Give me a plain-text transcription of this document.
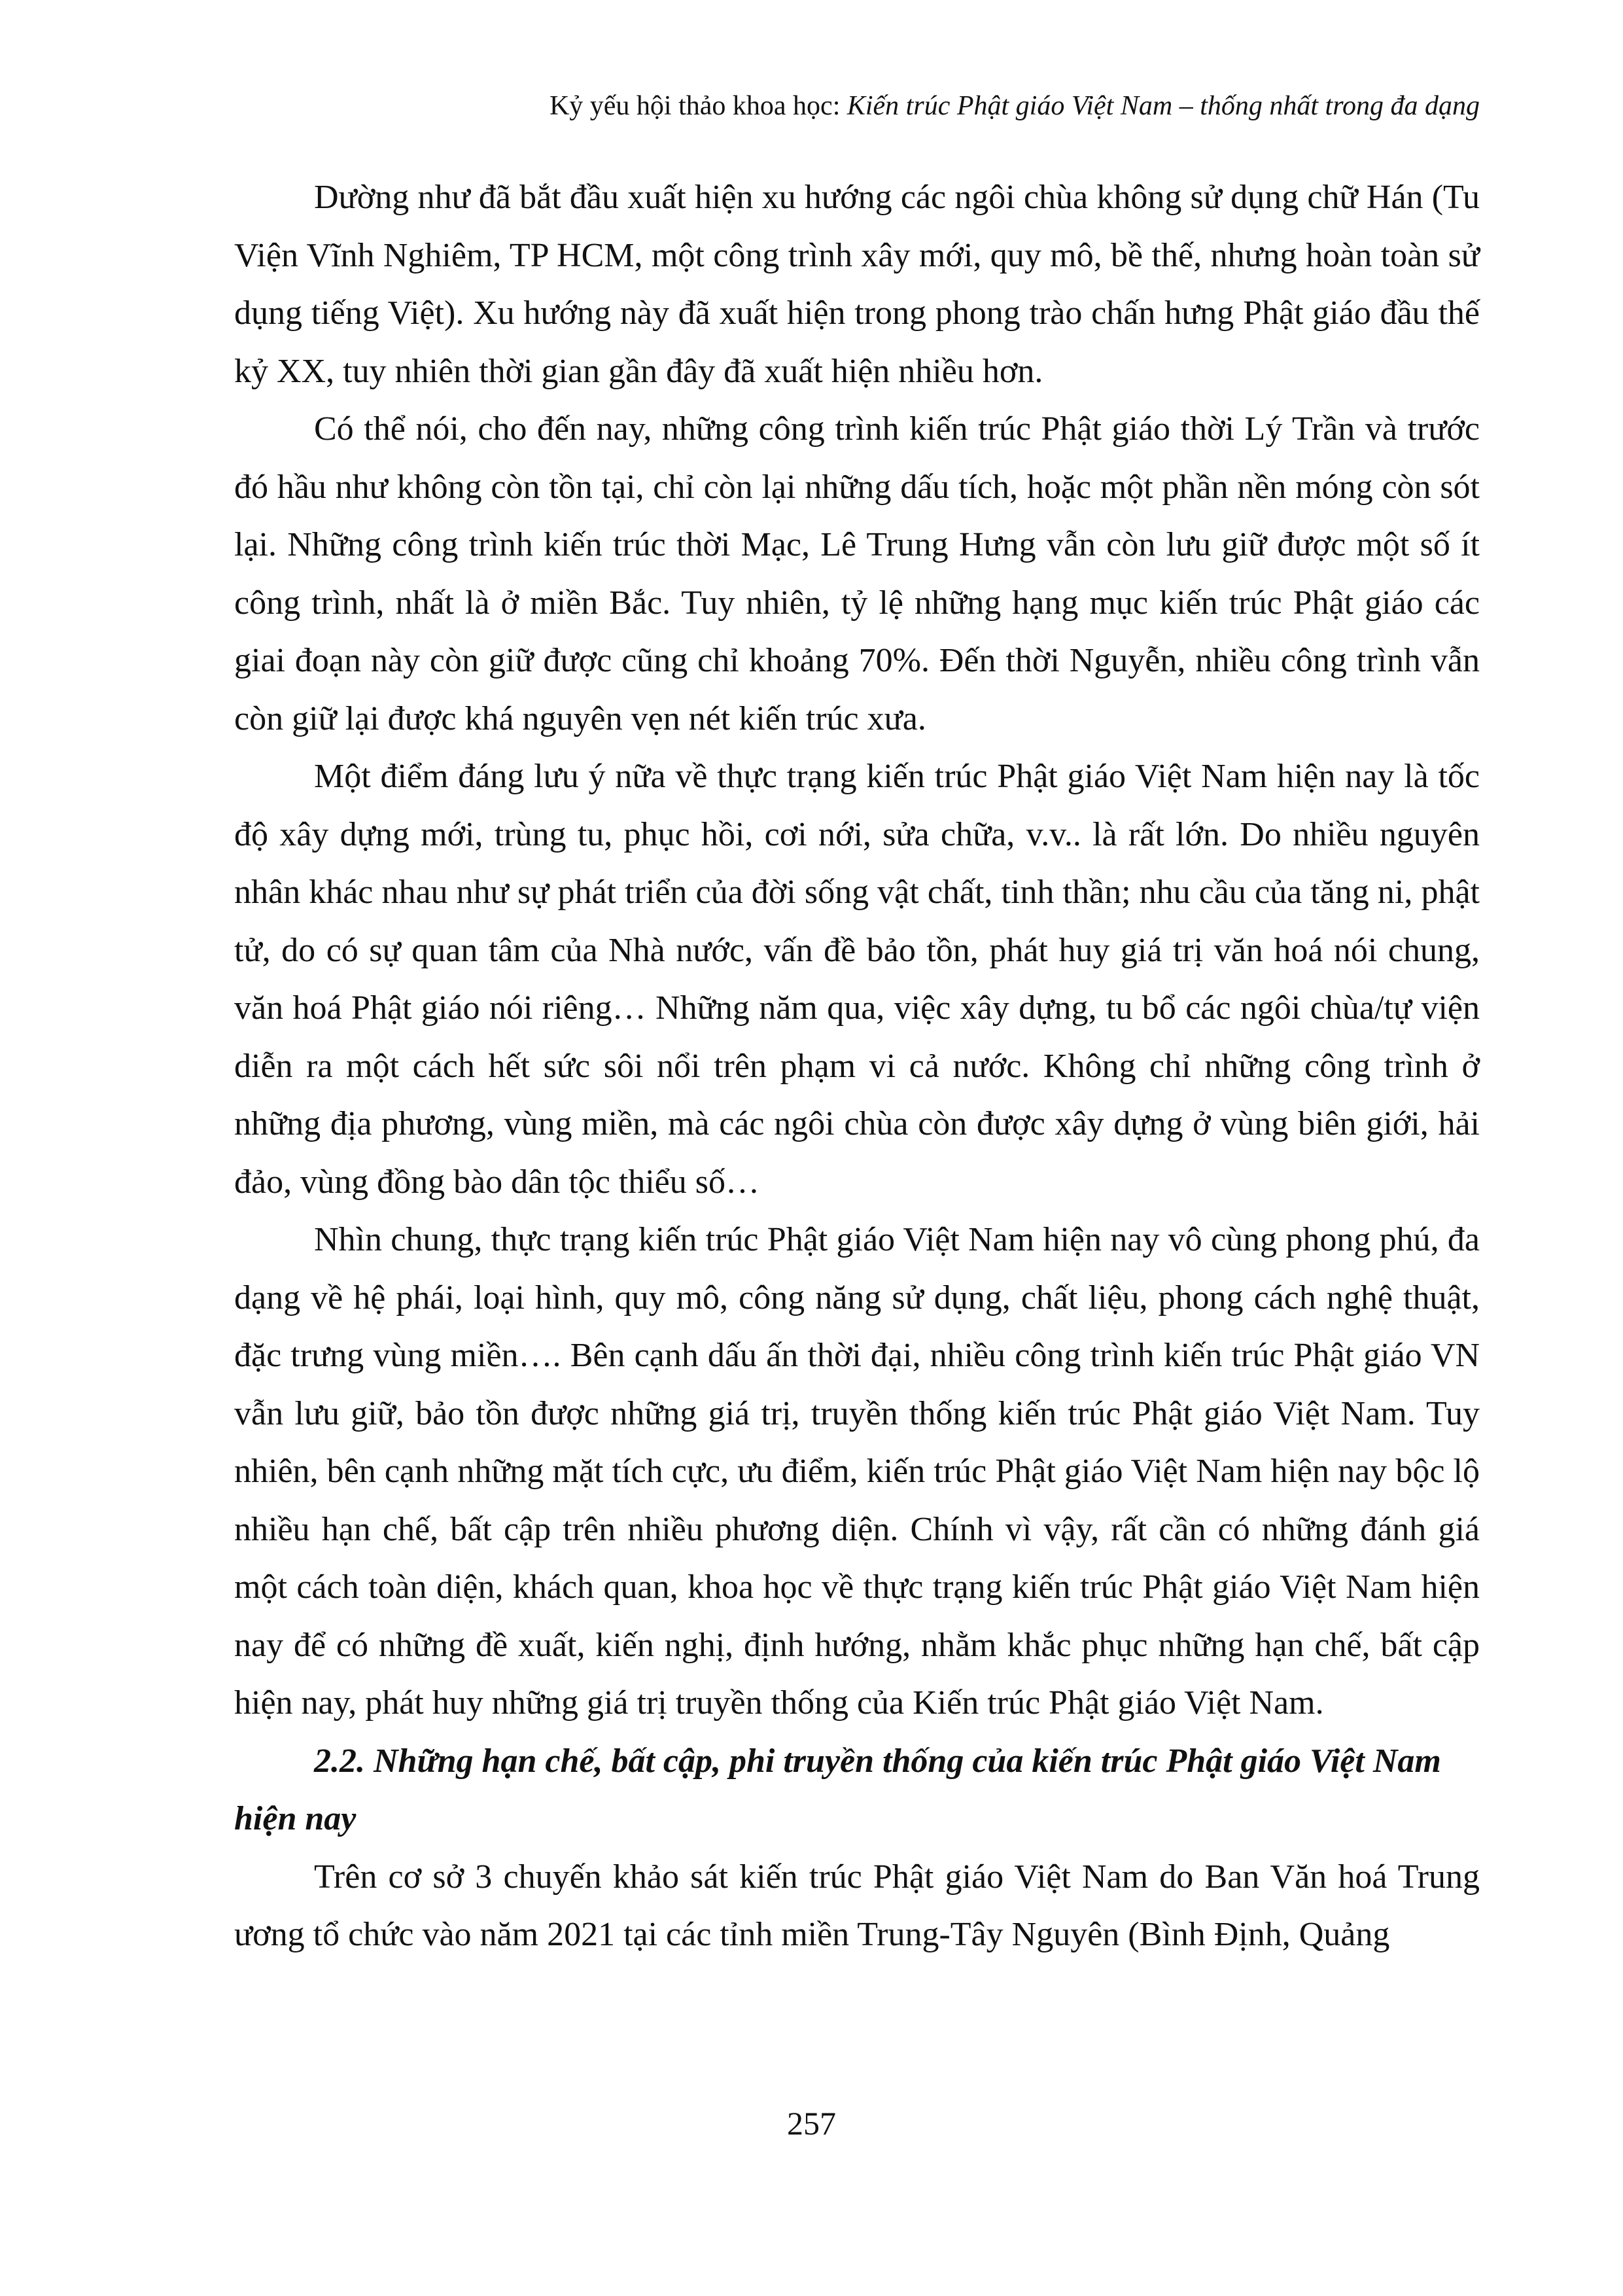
Kỷ yếu hội thảo khoa học: Kiến trúc Phật giáo Việt Nam – thống nhất trong đa dạng

Dường như đã bắt đầu xuất hiện xu hướng các ngôi chùa không sử dụng chữ Hán (Tu Viện Vĩnh Nghiêm, TP HCM, một công trình xây mới, quy mô, bề thế, nhưng hoàn toàn sử dụng tiếng Việt). Xu hướng này đã xuất hiện trong phong trào chấn hưng Phật giáo đầu thế kỷ XX, tuy nhiên thời gian gần đây đã xuất hiện nhiều hơn.

Có thể nói, cho đến nay, những công trình kiến trúc Phật giáo thời Lý Trần và trước đó hầu như không còn tồn tại, chỉ còn lại những dấu tích, hoặc một phần nền móng còn sót lại. Những công trình kiến trúc thời Mạc, Lê Trung Hưng vẫn còn lưu giữ được một số ít công trình, nhất là ở miền Bắc. Tuy nhiên, tỷ lệ những hạng mục kiến trúc Phật giáo các giai đoạn này còn giữ được cũng chỉ khoảng 70%. Đến thời Nguyễn, nhiều công trình vẫn còn giữ lại được khá nguyên vẹn nét kiến trúc xưa.

Một điểm đáng lưu ý nữa về thực trạng kiến trúc Phật giáo Việt Nam hiện nay là tốc độ xây dựng mới, trùng tu, phục hồi, cơi nới, sửa chữa, v.v.. là rất lớn. Do nhiều nguyên nhân khác nhau như sự phát triển của đời sống vật chất, tinh thần; nhu cầu của tăng ni, phật tử, do có sự quan tâm của Nhà nước, vấn đề bảo tồn, phát huy giá trị văn hoá nói chung, văn hoá Phật giáo nói riêng… Những năm qua, việc xây dựng, tu bổ các ngôi chùa/tự viện diễn ra một cách hết sức sôi nổi trên phạm vi cả nước. Không chỉ những công trình ở những địa phương, vùng miền, mà các ngôi chùa còn được xây dựng ở vùng biên giới, hải đảo, vùng đồng bào dân tộc thiểu số…

Nhìn chung, thực trạng kiến trúc Phật giáo Việt Nam hiện nay vô cùng phong phú, đa dạng về hệ phái, loại hình, quy mô, công năng sử dụng, chất liệu, phong cách nghệ thuật, đặc trưng vùng miền…. Bên cạnh dấu ấn thời đại, nhiều công trình kiến trúc Phật giáo VN vẫn lưu giữ, bảo tồn được những giá trị, truyền thống kiến trúc Phật giáo Việt Nam. Tuy nhiên, bên cạnh những mặt tích cực, ưu điểm, kiến trúc Phật giáo Việt Nam hiện nay bộc lộ nhiều hạn chế, bất cập trên nhiều phương diện. Chính vì vậy, rất cần có những đánh giá một cách toàn diện, khách quan, khoa học về thực trạng kiến trúc Phật giáo Việt Nam hiện nay để có những đề xuất, kiến nghị, định hướng, nhằm khắc phục những hạn chế, bất cập hiện nay, phát huy những giá trị truyền thống của Kiến trúc Phật giáo Việt Nam.

2.2. Những hạn chế, bất cập, phi truyền thống của kiến trúc Phật giáo Việt Nam hiện nay

Trên cơ sở 3 chuyến khảo sát kiến trúc Phật giáo Việt Nam do Ban Văn hoá Trung ương tổ chức vào năm 2021 tại các tỉnh miền Trung-Tây Nguyên (Bình Định, Quảng

257
